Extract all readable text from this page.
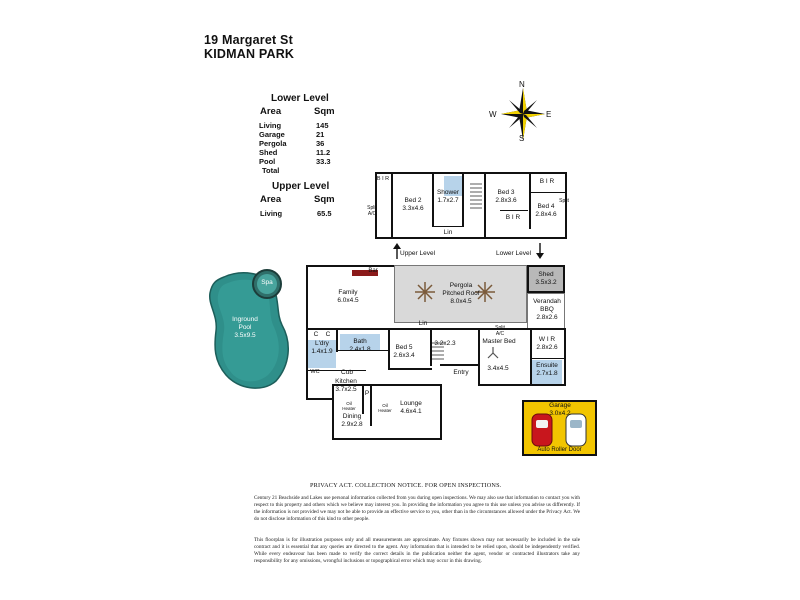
19 Margaret St
KIDMAN PARK
Lower Level
Area	Sqm
Living	145
Garage	21
Pergola	36
Shed	11.2
Pool	33.3
Total
Upper Level
Area	Sqm
Living	65.5
N
E
S
W
Bed 2
3.3x4.6
Shower
1.7x2.7
Lin
Bed 3
2.8x3.6
B I R
B I R
Bed 4
2.8x4.6
Split
B I R
Split
A/C
Upper Level	Lower Level
Spa
Inground
Pool
3.5x9.5
Bar
Family
6.0x4.5
Pergola
Pitched Roof
8.0x4.5
Shed
3.5x3.2
Verandah
BBQ
2.8x2.6
Lin
L'dry
1.4x1.9
Bath
2.4x1.8	Bed 5
2.6x3.4
3.2x2.3
Split
A/C
Master Bed
3.4x4.5
W I R
2.8x2.6
Ensuite
2.7x1.8
Entry
Kitchen
3.7x2.5
Cub
P
C C
WC
Oil
Heater
Oil
Heater
Dining
2.9x2.8
Lounge
4.6x4.1
Garage
3.0x4.2
Auto Roller Door
PRIVACY ACT. COLLECTION NOTICE. FOR OPEN INSPECTIONS.
Century 21 Beachside and Lakes use personal information collected from you during open inspections. We may also use that information to contact you with respect to this property and others which we believe may interest you. In providing the information you agree to this use unless you advise us differently. If the information is not provided we may not be able to provide an effective service to you, other than in the circumstances allowed under the Privacy Act. We do not disclose information of this kind to other people.
This floorplan is for illustration purposes only and all measurements are approximate. Any fixtures shown may not necessarily be included in the sale contract and it is essential that any queries are directed to the agent. Any information that is intended to be relied upon, should be independently verified. While every endeavour has been made to verify the correct details in the publication neither the agent, vendor or contracted illustrators take any responsibility for any omissions, wrongful inclusions or topographical error which may occur in this drawing.
